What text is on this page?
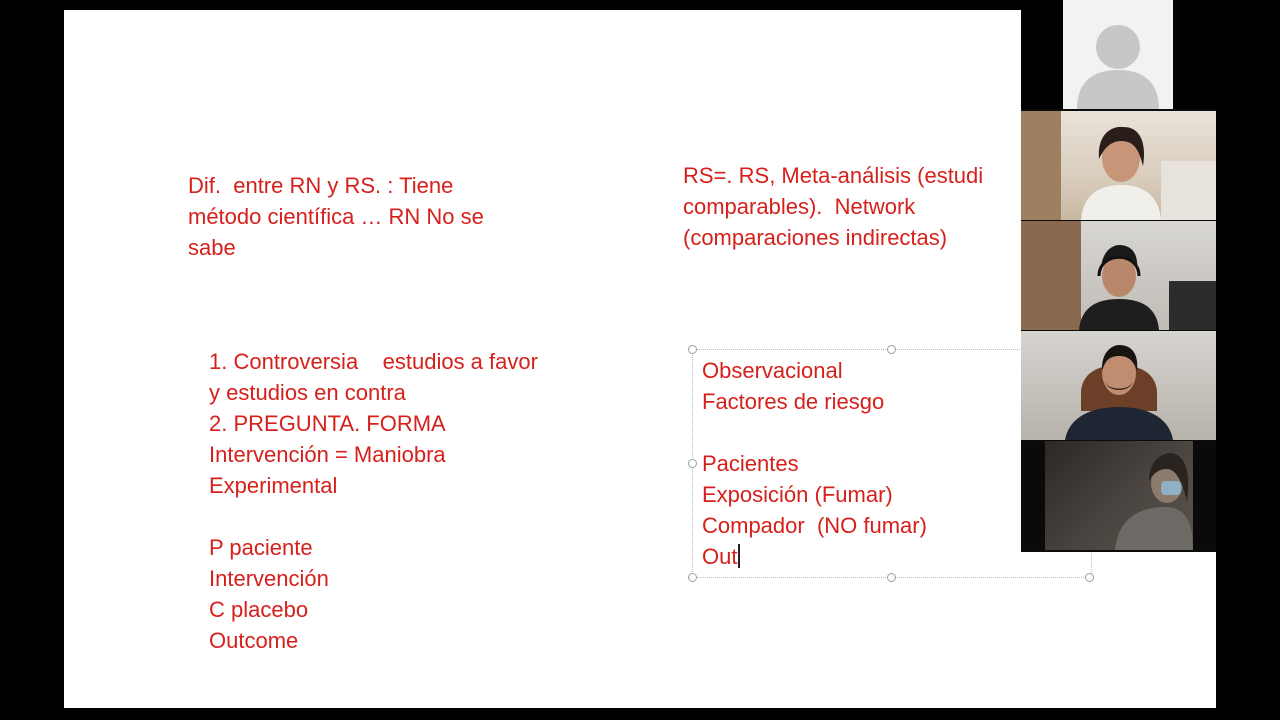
Dif.  entre RN y RS. : Tiene
método científica … RN No se
sabe
RS=. RS, Meta-análisis (estudi
comparables).  Network
(comparaciones indirectas)
1. Controversia    estudios a favor
y estudios en contra
2. PREGUNTA. FORMA
Intervención = Maniobra
Experimental

P paciente
Intervención
C placebo
Outcome
Observacional
Factores de riesgo

Pacientes
Exposición (Fumar)
Compador  (NO fumar)
Out
